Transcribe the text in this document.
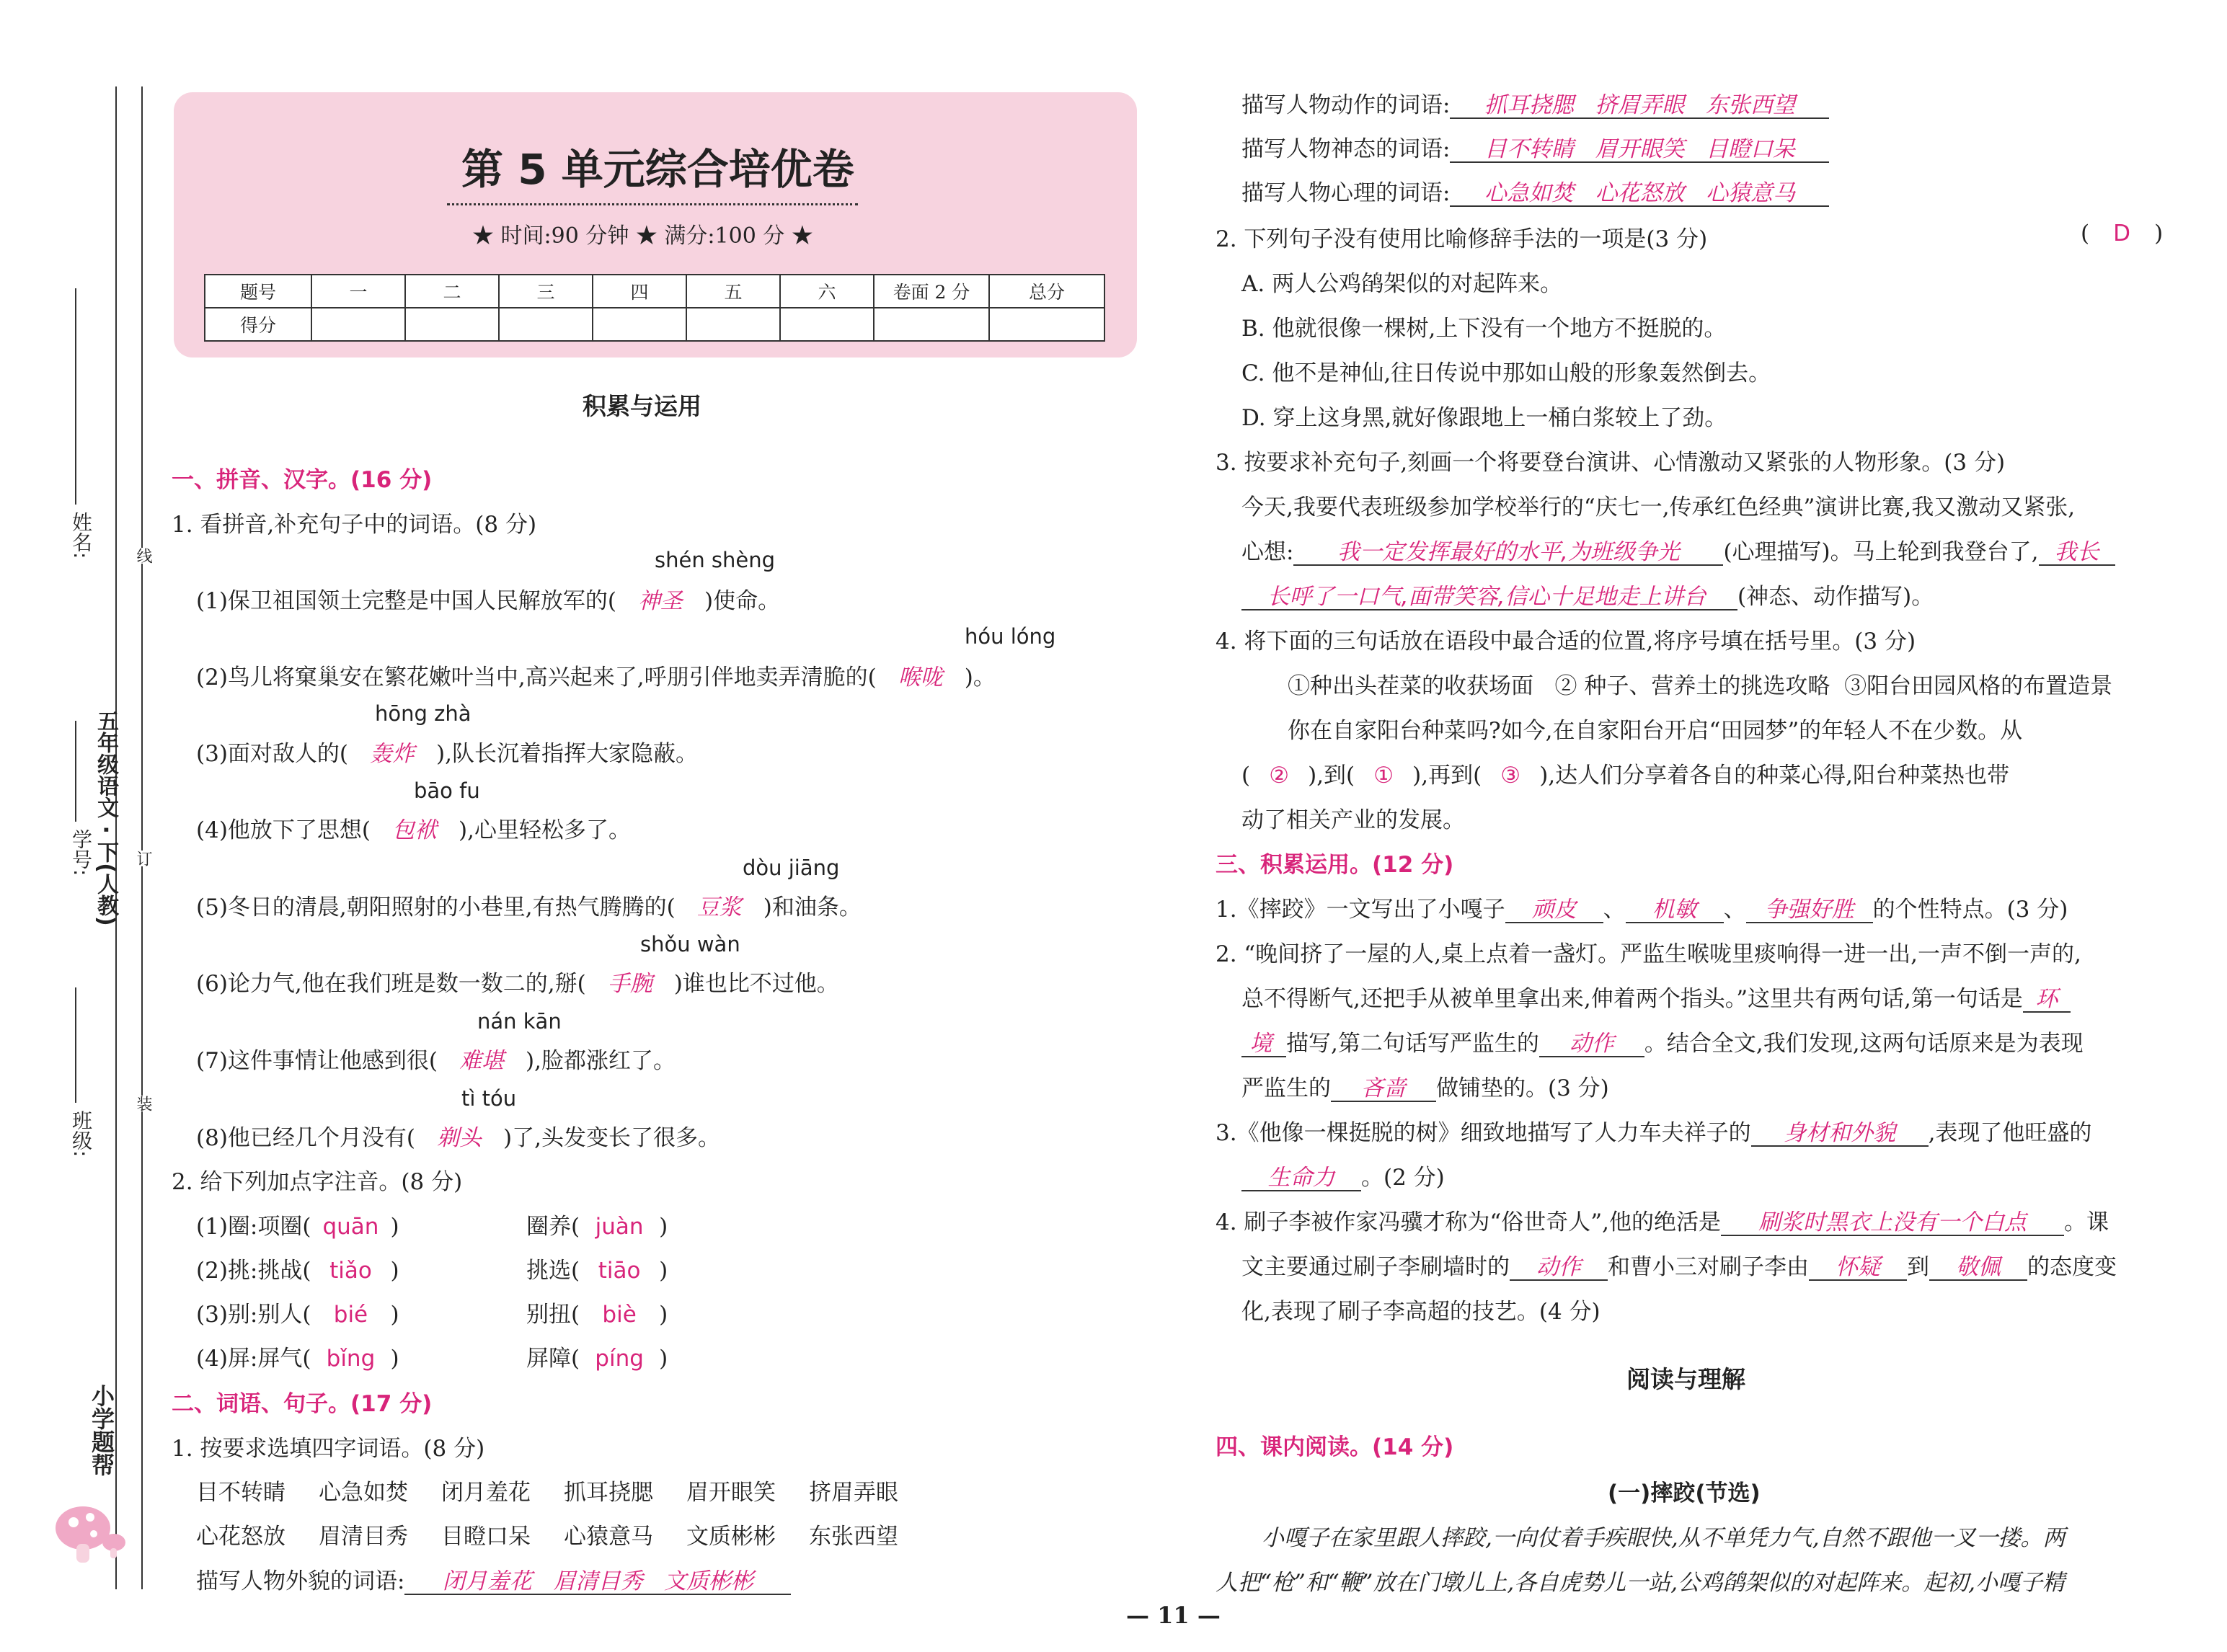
姓名:
学号:
班级:
五年级语文 · 下(人教)
线
订
装
小学题帮
第 5 单元综合培优卷
★ 时间:90 分钟 ★ 满分:100 分 ★
题号	一	二	三	四	五	六	卷面 2 分	总分
得分								
积累与运用
一、拼音、汉字。(16 分)
1. 看拼音,补充句子中的词语。(8 分)
shén shèng
(1)保卫祖国领土完整是中国人民解放军的( 神圣 )使命。
hóu lóng
(2)鸟儿将窠巢安在繁花嫩叶当中,高兴起来了,呼朋引伴地卖弄清脆的( 喉咙 )。
hōng zhà
(3)面对敌人的( 轰炸 ),队长沉着指挥大家隐蔽。
bāo fu
(4)他放下了思想( 包袱 ),心里轻松多了。
dòu jiāng
(5)冬日的清晨,朝阳照射的小巷里,有热气腾腾的( 豆浆 )和油条。
shǒu wàn
(6)论力气,他在我们班是数一数二的,掰( 手腕 )谁也比不过他。
nán kān
(7)这件事情让他感到很( 难堪 ),脸都涨红了。
tì tóu
(8)他已经几个月没有( 剃头 )了,头发变长了很多。
2. 给下列加点字注音。(8 分)
(1)圈:项圈( quān )	圈养( juàn )
(2)挑:挑战( tiǎo )	挑选( tiāo )
(3)别:别人( bié )	别扭( biè )
(4)屏:屏气( bǐng )	屏障( píng )
二、词语、句子。(17 分)
1. 按要求选填四字词语。(8 分)
目不转睛 心急如焚 闭月羞花 抓耳挠腮 眉开眼笑 挤眉弄眼
心花怒放 眉清目秀 目瞪口呆 心猿意马 文质彬彬 东张西望
描写人物外貌的词语: 闭月羞花   眉清目秀   文质彬彬
描写人物动作的词语: 抓耳挠腮   挤眉弄眼   东张西望
描写人物神态的词语: 目不转睛   眉开眼笑   目瞪口呆
描写人物心理的词语: 心急如焚   心花怒放   心猿意马
2. 下列句子没有使用比喻修辞手法的一项是(3 分)	( D )
A. 两人公鸡鹐架似的对起阵来。
B. 他就很像一棵树,上下没有一个地方不挺脱的。
C. 他不是神仙,往日传说中那如山般的形象轰然倒去。
D. 穿上这身黑,就好像跟地上一桶白浆较上了劲。
3. 按要求补充句子,刻画一个将要登台演讲、心情激动又紧张的人物形象。(3 分)
今天,我要代表班级参加学校举行的“庆七一,传承红色经典”演讲比赛,我又激动又紧张,
心想: 我一定发挥最好的水平,为班级争光 (心理描写)。马上轮到我登台了, 我长
长呼了一口气,面带笑容,信心十足地走上讲台 (神态、动作描写)。
4. 将下面的三句话放在语段中最合适的位置,将序号填在括号里。(3 分)
①种出头茬菜的收获场面   ② 种子、营养土的挑选攻略  ③阳台田园风格的布置造景
你在自家阳台种菜吗?如今,在自家阳台开启“田园梦”的年轻人不在少数。从
( ② ),到( ① ),再到( ③ ),达人们分享着各自的种菜心得,阳台种菜热也带
动了相关产业的发展。
三、积累运用。(12 分)
1.《摔跤》一文写出了小嘎子 顽皮 、 机敏 、 争强好胜 的个性特点。(3 分)
2. “晚间挤了一屋的人,桌上点着一盏灯。严监生喉咙里痰响得一进一出,一声不倒一声的,
总不得断气,还把手从被单里拿出来,伸着两个指头。”这里共有两句话,第一句话是 环
境 描写,第二句话写严监生的 动作 。结合全文,我们发现,这两句话原来是为表现
严监生的 吝啬 做铺垫的。(3 分)
3.《他像一棵挺脱的树》细致地描写了人力车夫祥子的 身材和外貌 ,表现了他旺盛的
生命力 。(2 分)
4. 刷子李被作家冯骥才称为“俗世奇人”,他的绝活是 刷浆时黑衣上没有一个白点 。课
文主要通过刷子李刷墙时的 动作 和曹小三对刷子李由 怀疑 到 敬佩 的态度变
化,表现了刷子李高超的技艺。(4 分)
阅读与理解
四、课内阅读。(14 分)
(一)摔跤(节选)
小嘎子在家里跟人摔跤,一向仗着手疾眼快,从不单凭力气,自然不跟他一叉一搂。两
人把“枪”和“鞭”放在门墩儿上,各自虎势儿一站,公鸡鹐架似的对起阵来。起初,小嘎子精
— 11 —
